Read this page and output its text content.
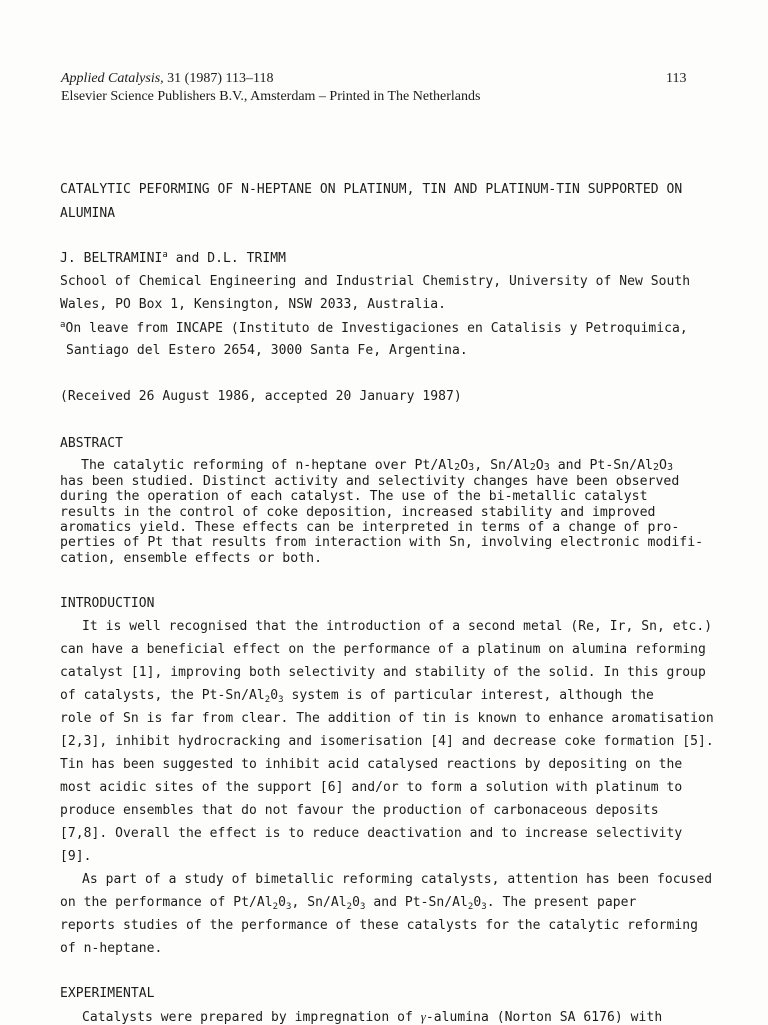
Applied Catalysis, 31 (1987) 113–118
Elsevier Science Publishers B.V., Amsterdam – Printed in The Netherlands
113
CATALYTIC PEFORMING OF N-HEPTANE ON PLATINUM, TIN AND PLATINUM-TIN SUPPORTED ON
ALUMINA
J. BELTRAMINI$^a$ and D.L. TRIMM
School of Chemical Engineering and Industrial Chemistry, University of New South
Wales, PO Box 1, Kensington, NSW 2033, Australia.
$^a$On leave from INCAPE (Instituto de Investigaciones en Catalisis y Petroquimica,
Santiago del Estero 2654, 3000 Santa Fe, Argentina.
(Received 26 August 1986, accepted 20 January 1987)
ABSTRACT
The catalytic reforming of n-heptane over Pt/Al2O3, Sn/Al2O3 and Pt-Sn/Al2O3
has been studied. Distinct activity and selectivity changes have been observed
during the operation of each catalyst. The use of the bi-metallic catalyst
results in the control of coke deposition, increased stability and improved
aromatics yield. These effects can be interpreted in terms of a change of pro-
perties of Pt that results from interaction with Sn, involving electronic modifi-
cation, ensemble effects or both.
INTRODUCTION
It is well recognised that the introduction of a second metal (Re, Ir, Sn, etc.)
can have a beneficial effect on the performance of a platinum on alumina reforming
catalyst [1], improving both selectivity and stability of the solid. In this group
of catalysts, the $Pt-Sn/Al_20_3$ system is of particular interest, although the
role of Sn is far from clear. The addition of tin is known to enhance aromatisation
[2,3], inhibit hydrocracking and isomerisation [4] and decrease coke formation [5].
Tin has been suggested to inhibit acid catalysed reactions by depositing on the
most acidic sites of the support [6] and/or to form a solution with platinum to
produce ensembles that do not favour the production of carbonaceous deposits
[7,8]. Overall the effect is to reduce deactivation and to increase selectivity
[9].
As part of a study of bimetallic reforming catalysts, attention has been focused
on the performance of $Pt/Al_20_3$, $Sn/Al_20_3$ and $Pt-Sn/Al_20_3$. The present paper
reports studies of the performance of these catalysts for the catalytic reforming
of n-heptane.
EXPERIMENTAL
Catalysts were prepared by impregnation of γ-alumina (Norton SA 6176) with
